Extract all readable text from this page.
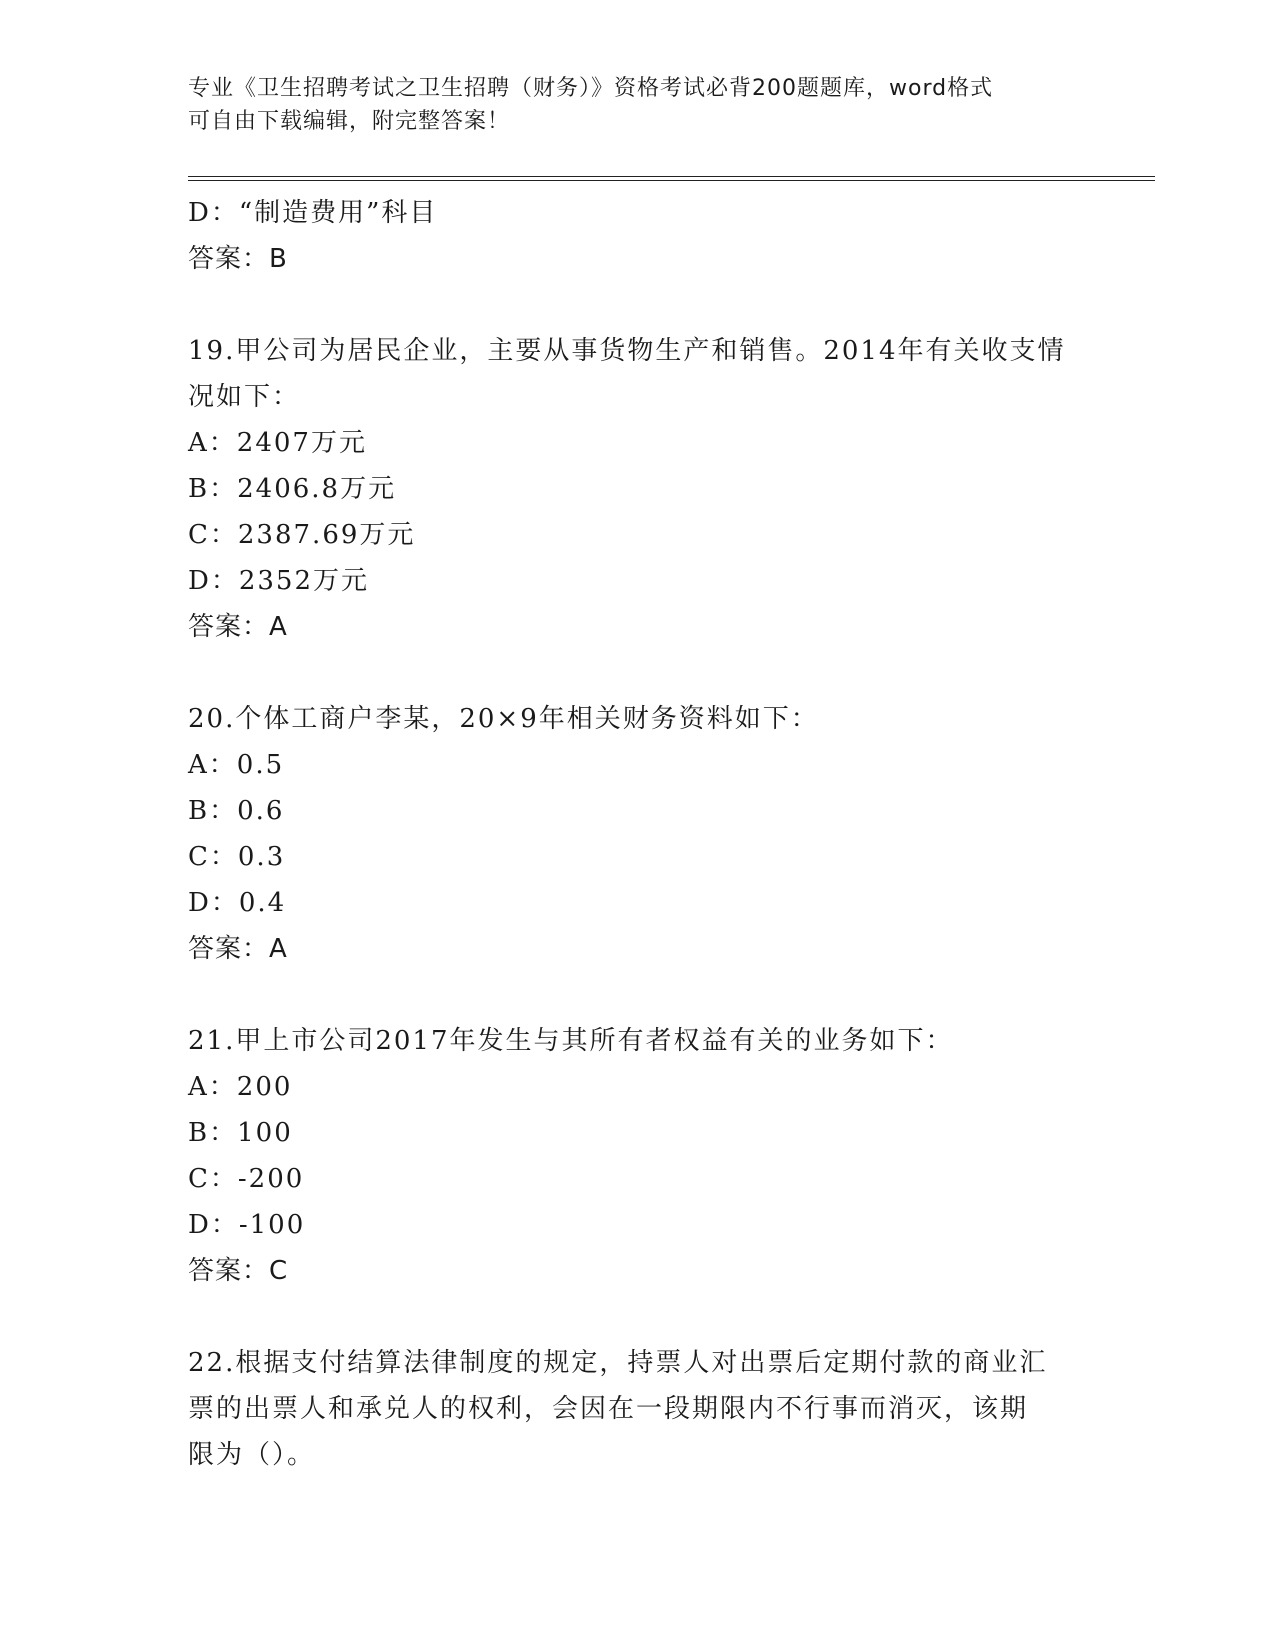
专业《卫生招聘考试之卫生招聘（财务）》资格考试必背200题题库，word格式
可自由下载编辑，附完整答案！
D：“制造费用”科目
答案：B
19.甲公司为居民企业，主要从事货物生产和销售。2014年有关收支情
况如下：
A：2407万元
B：2406.8万元
C：2387.69万元
D：2352万元
答案：A
20.个体工商户李某，20×9年相关财务资料如下：
A：0.5
B：0.6
C：0.3
D：0.4
答案：A
21.甲上市公司2017年发生与其所有者权益有关的业务如下：
A：200
B：100
C：-200
D：-100
答案：C
22.根据支付结算法律制度的规定，持票人对出票后定期付款的商业汇
票的出票人和承兑人的权利，会因在一段期限内不行事而消灭，该期
限为（）。
